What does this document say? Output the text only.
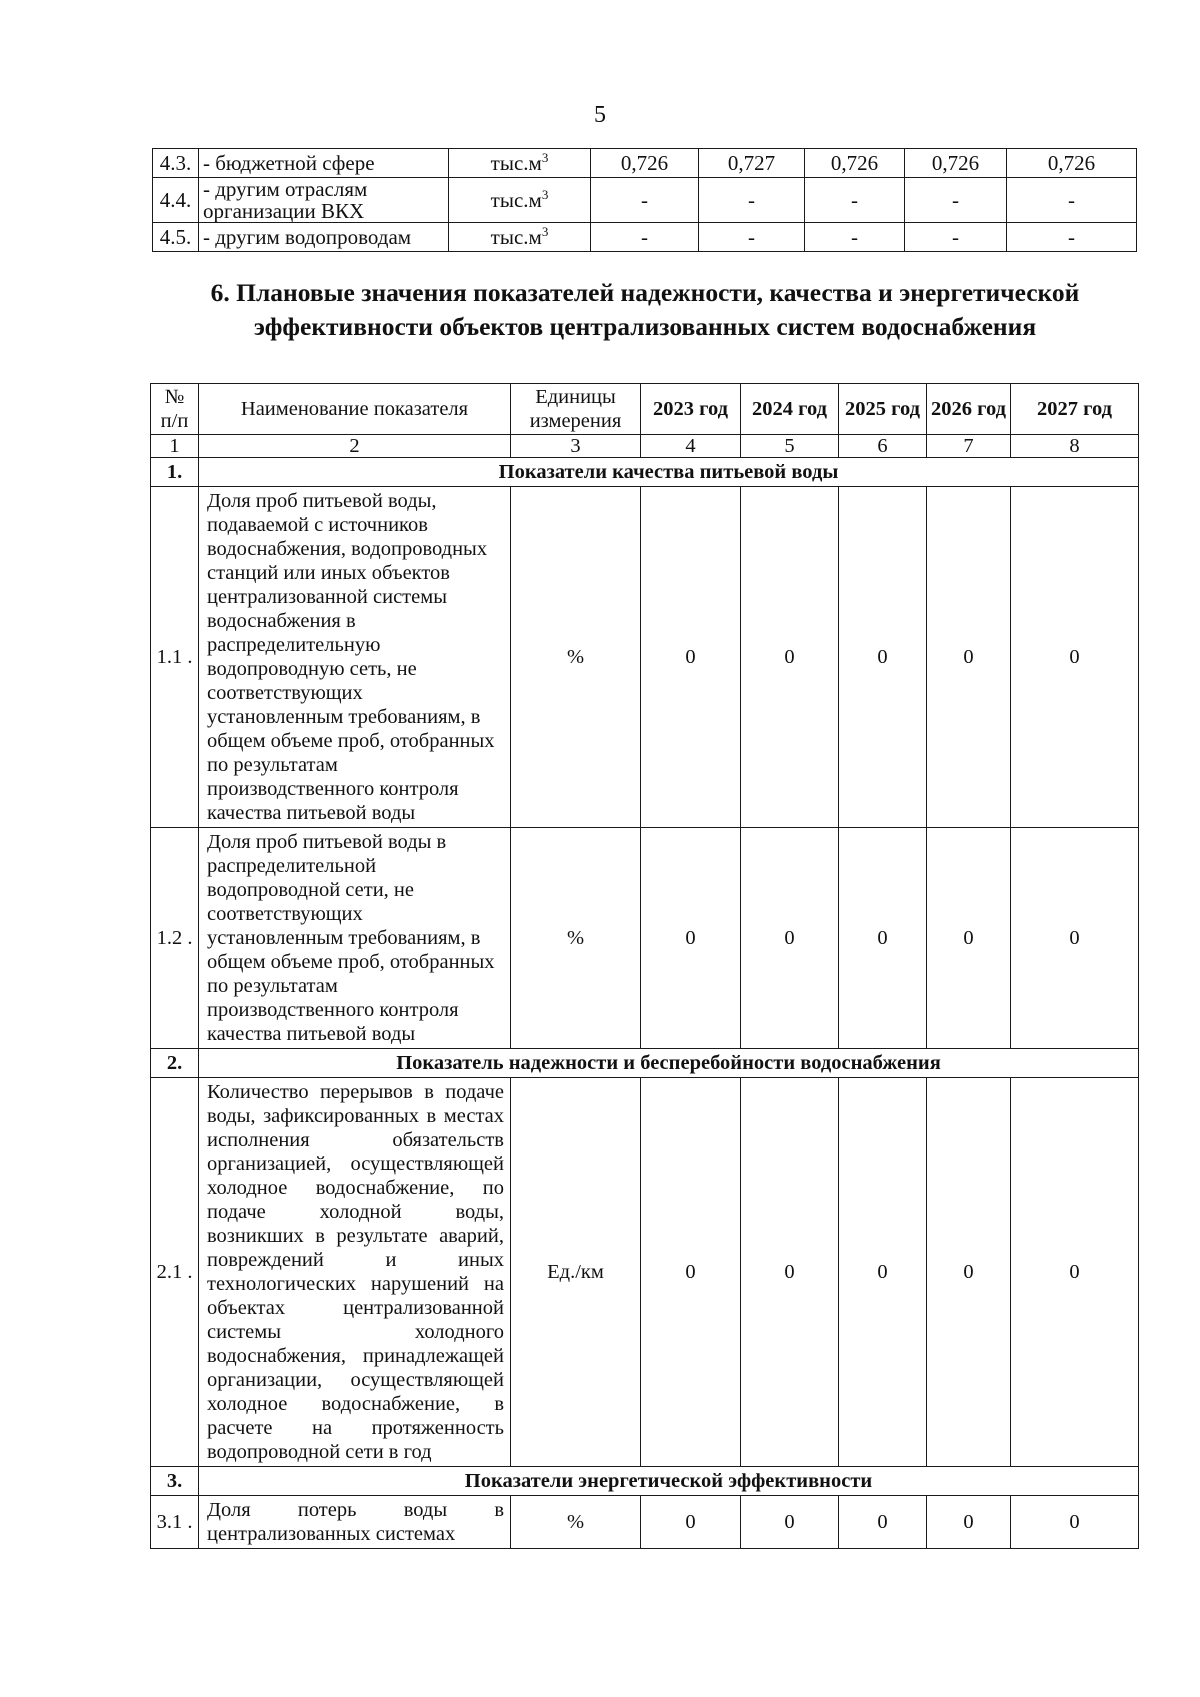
5
4.3.	- бюджетной сфере	$тыс.м^3$	0,726	0,727	0,726	0,726	0,726
4.4.	- другим отраслям организации ВКХ	$тыс.м^3$	-	-	-	-	-
4.5.	- другим водопроводам	$тыс.м^3$	-	-	-	-	-
6. Плановые значения показателей надежности, качества и энергетической эффективности объектов централизованных систем водоснабжения
№ п/п	Наименование показателя	Единицы измерения	2023 год	2024 год	2025 год	2026 год	2027 год
1	2	3	4	5	6	7	8
1.	Показатели качества питьевой воды						
1.1 .	Доля проб питьевой воды, подаваемой с источников водоснабжения, водопроводных станций или иных объектов централизованной системы водоснабжения в распределительную водопроводную сеть, не соответствующих установленным требованиям, в общем объеме проб, отобранных по результатам производственного контроля качества питьевой воды	%	0	0	0	0	0
1.2 .	Доля проб питьевой воды в распределительной водопроводной сети, не соответствующих установленным требованиям, в общем объеме проб, отобранных по результатам производственного контроля качества питьевой воды	%	0	0	0	0	0
2.	Показатель надежности и бесперебойности водоснабжения						
2.1 .	Количество перерывов в подаче воды, зафиксированных в местах исполнения обязательств организацией, осуществляющей холодное водоснабжение, по подаче холодной воды, возникших в результате аварий, повреждений и иных технологических нарушений на объектах централизованной системы холодного водоснабжения, принадлежащей организации, осуществляющей холодное водоснабжение, в расчете на протяженность водопроводной сети в год	Ед./км	0	0	0	0	0
3.	Показатели энергетической эффективности						
3.1 .	Доля потерь воды в централизованных системах	%	0	0	0	0	0
